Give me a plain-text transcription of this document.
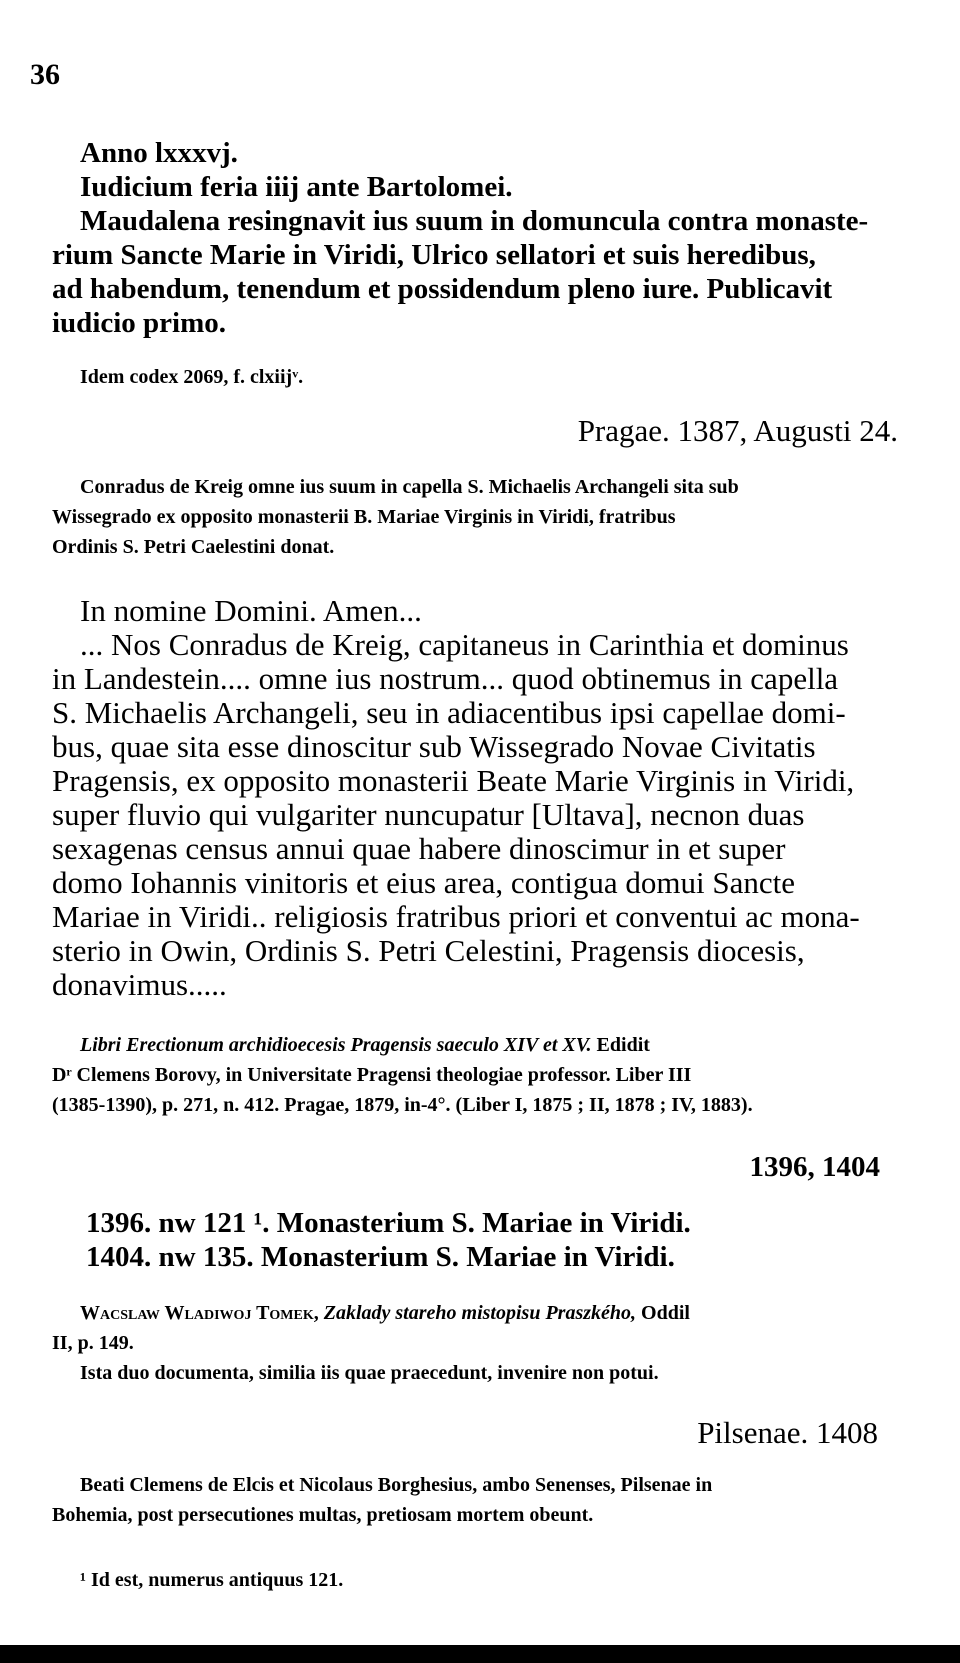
36
Anno lxxxvj.
Iudicium feria iiij ante Bartolomei.
Maudalena resingnavit ius suum in domuncula contra monaste-
rium Sancte Marie in Viridi, Ulrico sellatori et suis heredibus,
ad habendum, tenendum et possidendum pleno iure. Publicavit
iudicio primo.
Idem codex 2069, f. clxiijᵛ.
Pragae. 1387, Augusti 24.
Conradus de Kreig omne ius suum in capella S. Michaelis Archangeli sita sub
Wissegrado ex opposito monasterii B. Mariae Virginis in Viridi, fratribus
Ordinis S. Petri Caelestini donat.
In nomine Domini. Amen...
... Nos Conradus de Kreig, capitaneus in Carinthia et dominus
in Landestein.... omne ius nostrum... quod obtinemus in capella
S. Michaelis Archangeli, seu in adiacentibus ipsi capellae domi-
bus, quae sita esse dinoscitur sub Wissegrado Novae Civitatis
Pragensis, ex opposito monasterii Beate Marie Virginis in Viridi,
super fluvio qui vulgariter nuncupatur [Ultava], necnon duas
sexagenas census annui quae habere dinoscimur in et super
domo Iohannis vinitoris et eius area, contigua domui Sancte
Mariae in Viridi.. religiosis fratribus priori et conventui ac mona-
sterio in Owin, Ordinis S. Petri Celestini, Pragensis diocesis,
donavimus.....
Libri Erectionum archidioecesis Pragensis saeculo XIV et XV. Edidit
Dʳ Clemens Borovy, in Universitate Pragensi theologiae professor. Liber III
(1385-1390), p. 271, n. 412. Pragae, 1879, in-4°. (Liber I, 1875 ; II, 1878 ; IV, 1883).
1396, 1404
1396. nw 121 ¹. Monasterium S. Mariae in Viridi.
1404. nw 135. Monasterium S. Mariae in Viridi.
Wacslaw Wladiwoj Tomek, Zaklady stareho mistopisu Praszkého, Oddil
II, p. 149.
Ista duo documenta, similia iis quae praecedunt, invenire non potui.
Pilsenae. 1408
Beati Clemens de Elcis et Nicolaus Borghesius, ambo Senenses, Pilsenae in
Bohemia, post persecutiones multas, pretiosam mortem obeunt.
¹ Id est, numerus antiquus 121.
